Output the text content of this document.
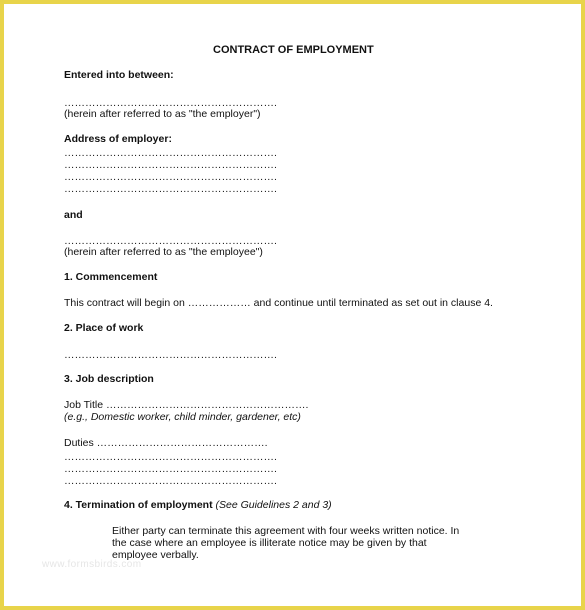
CONTRACT OF EMPLOYMENT
Entered into between:
…………………………………………………….
(herein after referred to as "the employer")
Address of employer:
…………………………………………………….
…………………………………………………….
…………………………………………………….
…………………………………………………….
and
…………………………………………………….
(herein after referred to as "the employee")
1. Commencement
This contract will begin on ……………… and continue until terminated as set out in clause 4.
2. Place of work
…………………………………………………….
3. Job description
Job Title ………………………………………………….
(e.g., Domestic worker, child minder, gardener, etc)
Duties ………………………………………….
…………………………………………………….
…………………………………………………….
…………………………………………………….
4. Termination of employment (See Guidelines 2 and 3)
Either party can terminate this agreement with four weeks written notice. In
the case where an employee is illiterate notice may be given by that
employee verbally.
www.formsbirds.com
